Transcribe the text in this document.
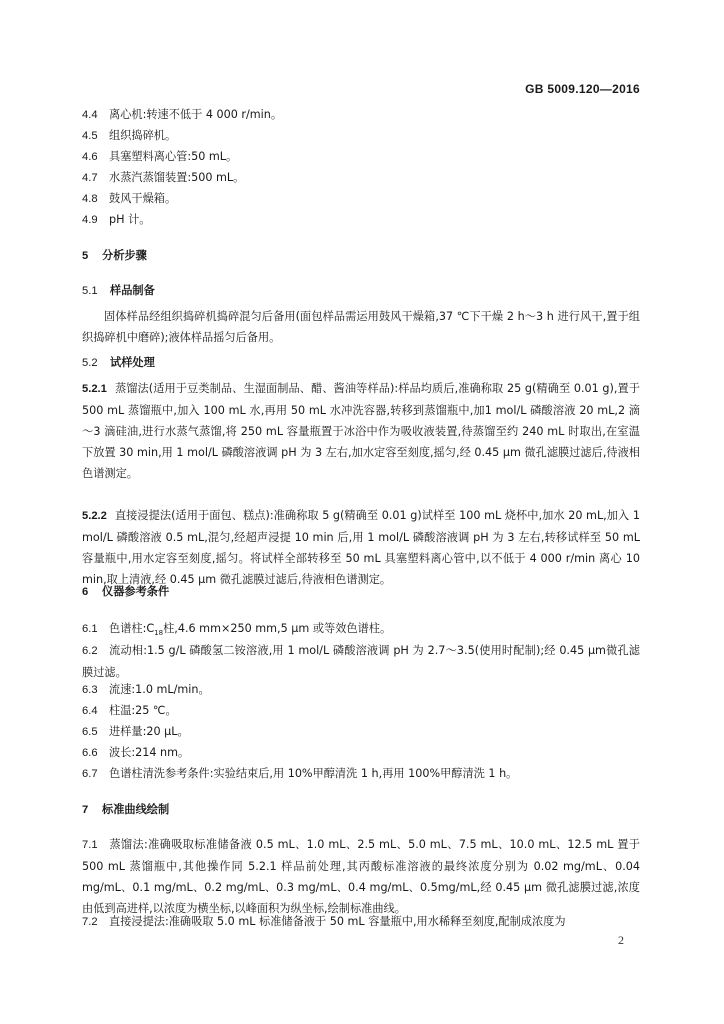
GB 5009.120—2016
4.4 离心机:转速不低于 4 000 r/min。
4.5 组织捣碎机。
4.6 具塞塑料离心管:50 mL。
4.7 水蒸汽蒸馏装置:500 mL。
4.8 鼓风干燥箱。
4.9 pH 计。
5 分析步骤
5.1 样品制备
固体样品经组织捣碎机捣碎混匀后备用(面包样品需运用鼓风干燥箱,37 ℃下干燥 2 h～3 h 进行风干,置于组织捣碎机中磨碎);液体样品摇匀后备用。
5.2 试样处理
5.2.1 蒸馏法(适用于豆类制品、生湿面制品、醋、酱油等样品):样品均质后,准确称取 25 g(精确至 0.01 g),置于 500 mL 蒸馏瓶中,加入 100 mL 水,再用 50 mL 水冲洗容器,转移到蒸馏瓶中,加1 mol/L 磷酸溶液 20 mL,2 滴～3 滴硅油,进行水蒸气蒸馏,将 250 mL 容量瓶置于冰浴中作为吸收液装置,待蒸馏至约 240 mL 时取出,在室温下放置 30 min,用 1 mol/L 磷酸溶液调 pH 为 3 左右,加水定容至刻度,摇匀,经 0.45 μm 微孔滤膜过滤后,待液相色谱测定。
5.2.2 直接浸提法(适用于面包、糕点):准确称取 5 g(精确至 0.01 g)试样至 100 mL 烧杯中,加水 20 mL,加入 1 mol/L 磷酸溶液 0.5 mL,混匀,经超声浸提 10 min 后,用 1 mol/L 磷酸溶液调 pH 为 3 左右,转移试样至 50 mL 容量瓶中,用水定容至刻度,摇匀。将试样全部转移至 50 mL 具塞塑料离心管中,以不低于 4 000 r/min 离心 10 min,取上清液,经 0.45 μm 微孔滤膜过滤后,待液相色谱测定。
6 仪器参考条件
6.1 色谱柱$:C_{18}$柱,4.6 mm×250 mm,5 μm 或等效色谱柱。
6.2 流动相:1.5 g/L 磷酸氢二铵溶液,用 1 mol/L 磷酸溶液调 pH 为 2.7～3.5(使用时配制);经 0.45 μm微孔滤膜过滤。
6.3 流速:1.0 mL/min。
6.4 柱温:25 ℃。
6.5 进样量:20 μL。
6.6 波长:214 nm。
6.7 色谱柱清洗参考条件:实验结束后,用 10%甲醇清洗 1 h,再用 100%甲醇清洗 1 h。
7 标准曲线绘制
7.1 蒸馏法:准确吸取标准储备液 0.5 mL、1.0 mL、2.5 mL、5.0 mL、7.5 mL、10.0 mL、12.5 mL 置于 500 mL 蒸馏瓶中,其他操作同 5.2.1 样品前处理,其丙酸标准溶液的最终浓度分别为 0.02 mg/mL、0.04 mg/mL、0.1 mg/mL、0.2 mg/mL、0.3 mg/mL、0.4 mg/mL、0.5mg/mL,经 0.45 μm 微孔滤膜过滤,浓度由低到高进样,以浓度为横坐标,以峰面积为纵坐标,绘制标准曲线。
7.2 直接浸提法:准确吸取 5.0 mL 标准储备液于 50 mL 容量瓶中,用水稀释至刻度,配制成浓度为
2
